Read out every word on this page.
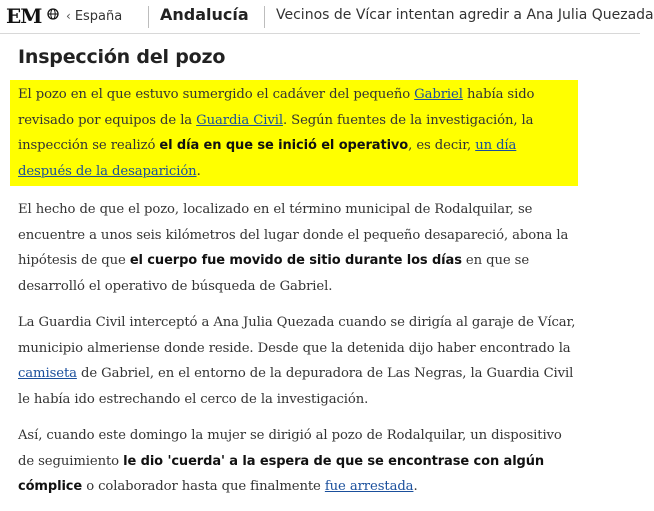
EM ‹ España Andalucía Vecinos de Vícar intentan agredir a Ana Julia Quezada
Inspección del pozo

El pozo en el que estuvo sumergido el cadáver del pequeño Gabriel había sido revisado por equipos de la Guardia Civil. Según fuentes de la investigación, la inspección se realizó el día en que se inició el operativo, es decir, un día después de la desaparición.

El hecho de que el pozo, localizado en el término municipal de Rodalquilar, se encuentre a unos seis kilómetros del lugar donde el pequeño desapareció, abona la hipótesis de que el cuerpo fue movido de sitio durante los días en que se desarrolló el operativo de búsqueda de Gabriel.

La Guardia Civil interceptó a Ana Julia Quezada cuando se dirigía al garaje de Vícar, municipio almeriense donde reside. Desde que la detenida dijo haber encontrado la camiseta de Gabriel, en el entorno de la depuradora de Las Negras, la Guardia Civil le había ido estrechando el cerco de la investigación.

Así, cuando este domingo la mujer se dirigió al pozo de Rodalquilar, un dispositivo de seguimiento le dio 'cuerda' a la espera de que se encontrase con algún cómplice o colaborador hasta que finalmente fue arrestada.
